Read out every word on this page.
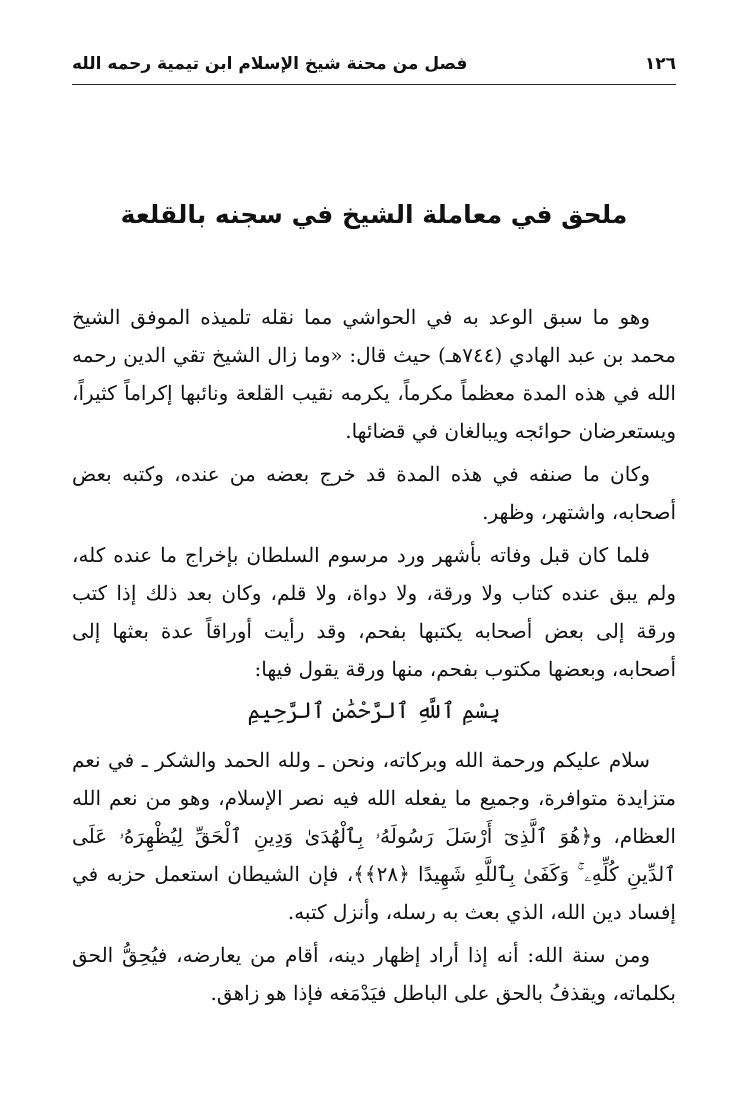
١٢٦
فصل من محنة شيخ الإسلام ابن تيمية رحمه الله
ملحق في معاملة الشيخ في سجنه بالقلعة

وهو ما سبق الوعد به في الحواشي مما نقله تلميذه الموفق الشيخ محمد بن عبد الهادي (٧٤٤هـ) حيث قال: «وما زال الشيخ تقي الدين رحمه الله في هذه المدة معظماً مكرماً، يكرمه نقيب القلعة ونائبها إكراماً كثيراً، ويستعرضان حوائجه ويبالغان في قضائها.

وكان ما صنفه في هذه المدة قد خرج بعضه من عنده، وكتبه بعض أصحابه، واشتهر، وظهر.

فلما كان قبل وفاته بأشهر ورد مرسوم السلطان بإخراج ما عنده كله، ولم يبق عنده كتاب ولا ورقة، ولا دواة، ولا قلم، وكان بعد ذلك إذا كتب ورقة إلى بعض أصحابه يكتبها بفحم، وقد رأيت أوراقاً عدة بعثها إلى أصحابه، وبعضها مكتوب بفحم، منها ورقة يقول فيها:

بِسْمِ ٱللَّهِ ٱلرَّحْمَٰنِ ٱلرَّحِيمِ

سلام عليكم ورحمة الله وبركاته، ونحن ـ ولله الحمد والشكر ـ في نعم متزايدة متوافرة، وجميع ما يفعله الله فيه نصر الإسلام، وهو من نعم الله العظام، و﴿هُوَ ٱلَّذِىٓ أَرْسَلَ رَسُولَهُۥ بِٱلْهُدَىٰ وَدِينِ ٱلْحَقِّ لِيُظْهِرَهُۥ عَلَى ٱلدِّينِ كُلِّهِۦ ۚ وَكَفَىٰ بِٱللَّهِ شَهِيدًا ﴿٢٨﴾﴾، فإن الشيطان استعمل حزبه في إفساد دين الله، الذي بعث به رسله، وأنزل كتبه.

ومن سنة الله: أنه إذا أراد إظهار دينه، أقام من يعارضه، فيُحِقُّ الحق بكلماته، ويقذفُ بالحق على الباطل فيَدْمَغه فإذا هو زاهق.
